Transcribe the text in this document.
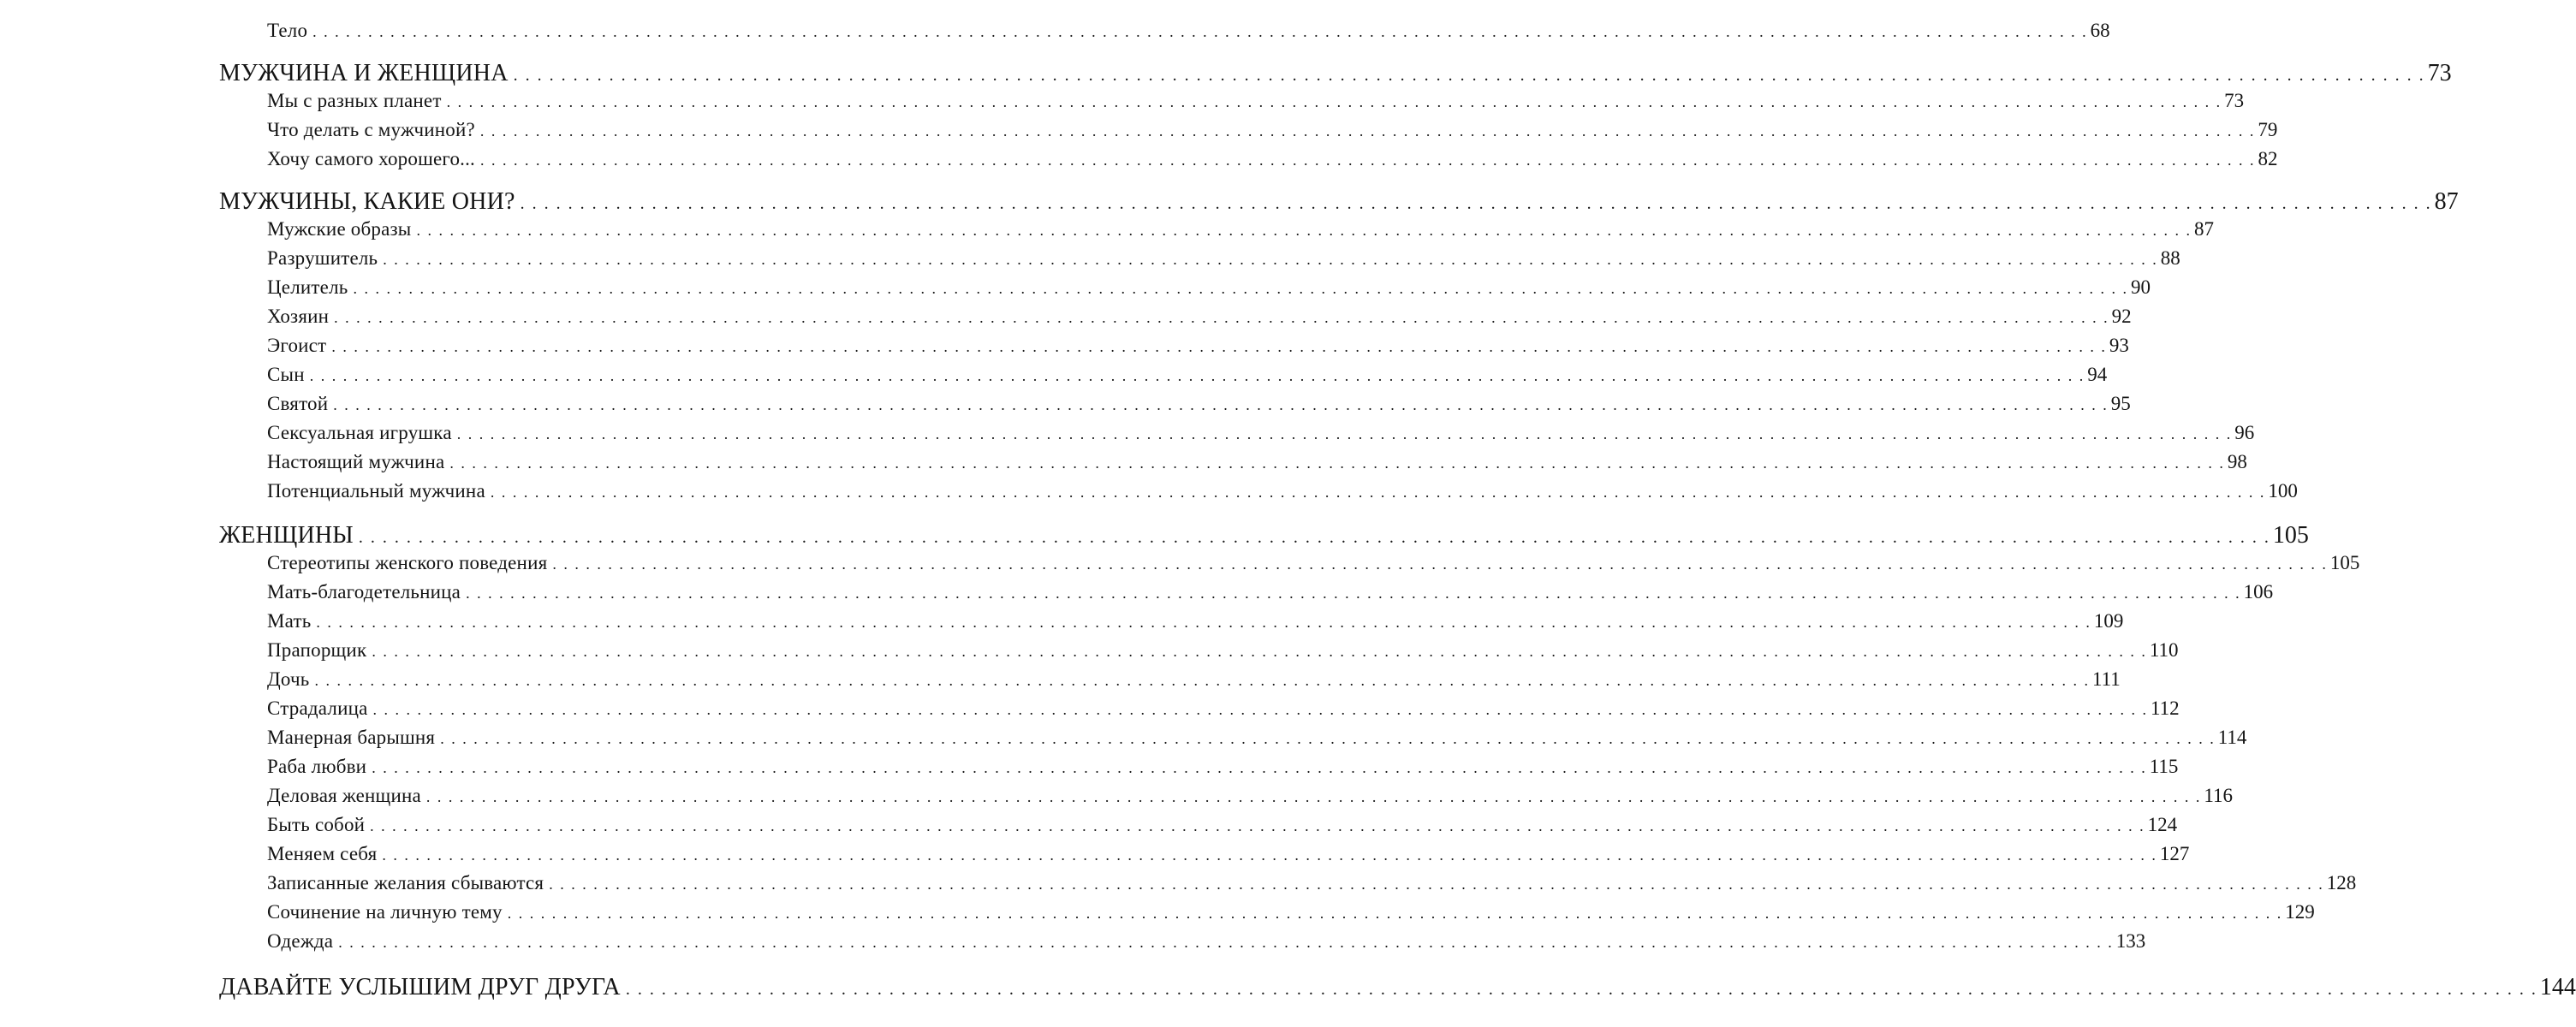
Тело . . . . . . . . . . . . . . . . . . . . . . . . . . . . . . . . . . . . . . . . . . . . . . . . . . . . . . . . . . . . . . . . . . . . . . . . . . . . . . . . . . . . . . . . . . . . . . . . . . . . . . . . . . . . . . . . . . . . . . . . . . . . . . . . . . . . . . . . . . . . . . . . . . . . . . . . . . . . . . . . 68
МУЖЧИНА И ЖЕНЩИНА . . . . . . . . . . . . . . . . . . . . . . . . . . . . . . . . . . . . . . . . . . . . . . . . . . . . . . . . . . . . . . . . . . . . . . . . . . . . . . . . . . . . . . . . . . . . . . . . . . . . . . . . . . . . . . . . . . . . . . . . . . . . . . . . . . . . . . . . . . . . . . . . . . . . . . . . . . . . . . . . 73
Мы с разных планет . . . . . . . . . . . . . . . . . . . . . . . . . . . . . . . . . . . . . . . . . . . . . . . . . . . . . . . . . . . . . . . . . . . . . . . . . . . . . . . . . . . . . . . . . . . . . . . . . . . . . . . . . . . . . . . . . . . . . . . . . . . . . . . . . . . . . . . . . . . . . . . . . . . . . . . . . . . . . . . . 73
Что делать с мужчиной? . . . . . . . . . . . . . . . . . . . . . . . . . . . . . . . . . . . . . . . . . . . . . . . . . . . . . . . . . . . . . . . . . . . . . . . . . . . . . . . . . . . . . . . . . . . . . . . . . . . . . . . . . . . . . . . . . . . . . . . . . . . . . . . . . . . . . . . . . . . . . . . . . . . . . . . . . . . . . . . . 79
Хочу самого хорошего... . . . . . . . . . . . . . . . . . . . . . . . . . . . . . . . . . . . . . . . . . . . . . . . . . . . . . . . . . . . . . . . . . . . . . . . . . . . . . . . . . . . . . . . . . . . . . . . . . . . . . . . . . . . . . . . . . . . . . . . . . . . . . . . . . . . . . . . . . . . . . . . . . . . . . . . . . . . . . . . . 82
МУЖЧИНЫ, КАКИЕ ОНИ? . . . . . . . . . . . . . . . . . . . . . . . . . . . . . . . . . . . . . . . . . . . . . . . . . . . . . . . . . . . . . . . . . . . . . . . . . . . . . . . . . . . . . . . . . . . . . . . . . . . . . . . . . . . . . . . . . . . . . . . . . . . . . . . . . . . . . . . . . . . . . . . . . . . . . . . . . . . . . . . . 87
Мужские образы . . . . . . . . . . . . . . . . . . . . . . . . . . . . . . . . . . . . . . . . . . . . . . . . . . . . . . . . . . . . . . . . . . . . . . . . . . . . . . . . . . . . . . . . . . . . . . . . . . . . . . . . . . . . . . . . . . . . . . . . . . . . . . . . . . . . . . . . . . . . . . . . . . . . . . . . . . . . . . . . 87
Разрушитель . . . . . . . . . . . . . . . . . . . . . . . . . . . . . . . . . . . . . . . . . . . . . . . . . . . . . . . . . . . . . . . . . . . . . . . . . . . . . . . . . . . . . . . . . . . . . . . . . . . . . . . . . . . . . . . . . . . . . . . . . . . . . . . . . . . . . . . . . . . . . . . . . . . . . . . . . . . . . . . . 88
Целитель . . . . . . . . . . . . . . . . . . . . . . . . . . . . . . . . . . . . . . . . . . . . . . . . . . . . . . . . . . . . . . . . . . . . . . . . . . . . . . . . . . . . . . . . . . . . . . . . . . . . . . . . . . . . . . . . . . . . . . . . . . . . . . . . . . . . . . . . . . . . . . . . . . . . . . . . . . . . . . . . 90
Хозяин . . . . . . . . . . . . . . . . . . . . . . . . . . . . . . . . . . . . . . . . . . . . . . . . . . . . . . . . . . . . . . . . . . . . . . . . . . . . . . . . . . . . . . . . . . . . . . . . . . . . . . . . . . . . . . . . . . . . . . . . . . . . . . . . . . . . . . . . . . . . . . . . . . . . . . . . . . . . . . . . 92
Эгоист . . . . . . . . . . . . . . . . . . . . . . . . . . . . . . . . . . . . . . . . . . . . . . . . . . . . . . . . . . . . . . . . . . . . . . . . . . . . . . . . . . . . . . . . . . . . . . . . . . . . . . . . . . . . . . . . . . . . . . . . . . . . . . . . . . . . . . . . . . . . . . . . . . . . . . . . . . . . . . . . 93
Сын . . . . . . . . . . . . . . . . . . . . . . . . . . . . . . . . . . . . . . . . . . . . . . . . . . . . . . . . . . . . . . . . . . . . . . . . . . . . . . . . . . . . . . . . . . . . . . . . . . . . . . . . . . . . . . . . . . . . . . . . . . . . . . . . . . . . . . . . . . . . . . . . . . . . . . . . . . . . . . . . 94
Святой . . . . . . . . . . . . . . . . . . . . . . . . . . . . . . . . . . . . . . . . . . . . . . . . . . . . . . . . . . . . . . . . . . . . . . . . . . . . . . . . . . . . . . . . . . . . . . . . . . . . . . . . . . . . . . . . . . . . . . . . . . . . . . . . . . . . . . . . . . . . . . . . . . . . . . . . . . . . . . . . 95
Сексуальная игрушка . . . . . . . . . . . . . . . . . . . . . . . . . . . . . . . . . . . . . . . . . . . . . . . . . . . . . . . . . . . . . . . . . . . . . . . . . . . . . . . . . . . . . . . . . . . . . . . . . . . . . . . . . . . . . . . . . . . . . . . . . . . . . . . . . . . . . . . . . . . . . . . . . . . . . . . . . . . . . . . . 96
Настоящий мужчина . . . . . . . . . . . . . . . . . . . . . . . . . . . . . . . . . . . . . . . . . . . . . . . . . . . . . . . . . . . . . . . . . . . . . . . . . . . . . . . . . . . . . . . . . . . . . . . . . . . . . . . . . . . . . . . . . . . . . . . . . . . . . . . . . . . . . . . . . . . . . . . . . . . . . . . . . . . . . . . . 98
Потенциальный мужчина . . . . . . . . . . . . . . . . . . . . . . . . . . . . . . . . . . . . . . . . . . . . . . . . . . . . . . . . . . . . . . . . . . . . . . . . . . . . . . . . . . . . . . . . . . . . . . . . . . . . . . . . . . . . . . . . . . . . . . . . . . . . . . . . . . . . . . . . . . . . . . . . . . . . . . . . . . . . . . . . 100
ЖЕНЩИНЫ . . . . . . . . . . . . . . . . . . . . . . . . . . . . . . . . . . . . . . . . . . . . . . . . . . . . . . . . . . . . . . . . . . . . . . . . . . . . . . . . . . . . . . . . . . . . . . . . . . . . . . . . . . . . . . . . . . . . . . . . . . . . . . . . . . . . . . . . . . . . . . . . . . . . . . . . . . . . . . . . 105
Стереотипы женского поведения . . . . . . . . . . . . . . . . . . . . . . . . . . . . . . . . . . . . . . . . . . . . . . . . . . . . . . . . . . . . . . . . . . . . . . . . . . . . . . . . . . . . . . . . . . . . . . . . . . . . . . . . . . . . . . . . . . . . . . . . . . . . . . . . . . . . . . . . . . . . . . . . . . . . . . . . . . . . . . . . 105
Мать-благодетельница . . . . . . . . . . . . . . . . . . . . . . . . . . . . . . . . . . . . . . . . . . . . . . . . . . . . . . . . . . . . . . . . . . . . . . . . . . . . . . . . . . . . . . . . . . . . . . . . . . . . . . . . . . . . . . . . . . . . . . . . . . . . . . . . . . . . . . . . . . . . . . . . . . . . . . . . . . . . . . . . 106
Мать . . . . . . . . . . . . . . . . . . . . . . . . . . . . . . . . . . . . . . . . . . . . . . . . . . . . . . . . . . . . . . . . . . . . . . . . . . . . . . . . . . . . . . . . . . . . . . . . . . . . . . . . . . . . . . . . . . . . . . . . . . . . . . . . . . . . . . . . . . . . . . . . . . . . . . . . . . . . . . . . 109
Прапорщик . . . . . . . . . . . . . . . . . . . . . . . . . . . . . . . . . . . . . . . . . . . . . . . . . . . . . . . . . . . . . . . . . . . . . . . . . . . . . . . . . . . . . . . . . . . . . . . . . . . . . . . . . . . . . . . . . . . . . . . . . . . . . . . . . . . . . . . . . . . . . . . . . . . . . . . . . . . . . . . . 110
Дочь . . . . . . . . . . . . . . . . . . . . . . . . . . . . . . . . . . . . . . . . . . . . . . . . . . . . . . . . . . . . . . . . . . . . . . . . . . . . . . . . . . . . . . . . . . . . . . . . . . . . . . . . . . . . . . . . . . . . . . . . . . . . . . . . . . . . . . . . . . . . . . . . . . . . . . . . . . . . . . . . 111
Страдалица . . . . . . . . . . . . . . . . . . . . . . . . . . . . . . . . . . . . . . . . . . . . . . . . . . . . . . . . . . . . . . . . . . . . . . . . . . . . . . . . . . . . . . . . . . . . . . . . . . . . . . . . . . . . . . . . . . . . . . . . . . . . . . . . . . . . . . . . . . . . . . . . . . . . . . . . . . . . . . . . 112
Манерная барышня . . . . . . . . . . . . . . . . . . . . . . . . . . . . . . . . . . . . . . . . . . . . . . . . . . . . . . . . . . . . . . . . . . . . . . . . . . . . . . . . . . . . . . . . . . . . . . . . . . . . . . . . . . . . . . . . . . . . . . . . . . . . . . . . . . . . . . . . . . . . . . . . . . . . . . . . . . . . . . . . 114
Раба любви . . . . . . . . . . . . . . . . . . . . . . . . . . . . . . . . . . . . . . . . . . . . . . . . . . . . . . . . . . . . . . . . . . . . . . . . . . . . . . . . . . . . . . . . . . . . . . . . . . . . . . . . . . . . . . . . . . . . . . . . . . . . . . . . . . . . . . . . . . . . . . . . . . . . . . . . . . . . . . . . 115
Деловая женщина . . . . . . . . . . . . . . . . . . . . . . . . . . . . . . . . . . . . . . . . . . . . . . . . . . . . . . . . . . . . . . . . . . . . . . . . . . . . . . . . . . . . . . . . . . . . . . . . . . . . . . . . . . . . . . . . . . . . . . . . . . . . . . . . . . . . . . . . . . . . . . . . . . . . . . . . . . . . . . . . 116
Быть собой . . . . . . . . . . . . . . . . . . . . . . . . . . . . . . . . . . . . . . . . . . . . . . . . . . . . . . . . . . . . . . . . . . . . . . . . . . . . . . . . . . . . . . . . . . . . . . . . . . . . . . . . . . . . . . . . . . . . . . . . . . . . . . . . . . . . . . . . . . . . . . . . . . . . . . . . . . . . . . . . 124
Меняем себя . . . . . . . . . . . . . . . . . . . . . . . . . . . . . . . . . . . . . . . . . . . . . . . . . . . . . . . . . . . . . . . . . . . . . . . . . . . . . . . . . . . . . . . . . . . . . . . . . . . . . . . . . . . . . . . . . . . . . . . . . . . . . . . . . . . . . . . . . . . . . . . . . . . . . . . . . . . . . . . . 127
Записанные желания сбываются . . . . . . . . . . . . . . . . . . . . . . . . . . . . . . . . . . . . . . . . . . . . . . . . . . . . . . . . . . . . . . . . . . . . . . . . . . . . . . . . . . . . . . . . . . . . . . . . . . . . . . . . . . . . . . . . . . . . . . . . . . . . . . . . . . . . . . . . . . . . . . . . . . . . . . . . . . . . . . . . 128
Сочинение на личную тему . . . . . . . . . . . . . . . . . . . . . . . . . . . . . . . . . . . . . . . . . . . . . . . . . . . . . . . . . . . . . . . . . . . . . . . . . . . . . . . . . . . . . . . . . . . . . . . . . . . . . . . . . . . . . . . . . . . . . . . . . . . . . . . . . . . . . . . . . . . . . . . . . . . . . . . . . . . . . . . . 129
Одежда . . . . . . . . . . . . . . . . . . . . . . . . . . . . . . . . . . . . . . . . . . . . . . . . . . . . . . . . . . . . . . . . . . . . . . . . . . . . . . . . . . . . . . . . . . . . . . . . . . . . . . . . . . . . . . . . . . . . . . . . . . . . . . . . . . . . . . . . . . . . . . . . . . . . . . . . . . . . . . . . 133
ДАВАЙТЕ УСЛЫШИМ ДРУГ ДРУГА . . . . . . . . . . . . . . . . . . . . . . . . . . . . . . . . . . . . . . . . . . . . . . . . . . . . . . . . . . . . . . . . . . . . . . . . . . . . . . . . . . . . . . . . . . . . . . . . . . . . . . . . . . . . . . . . . . . . . . . . . . . . . . . . . . . . . . . . . . . . . . . . . . . . . . . . . . . . . . . . 144
